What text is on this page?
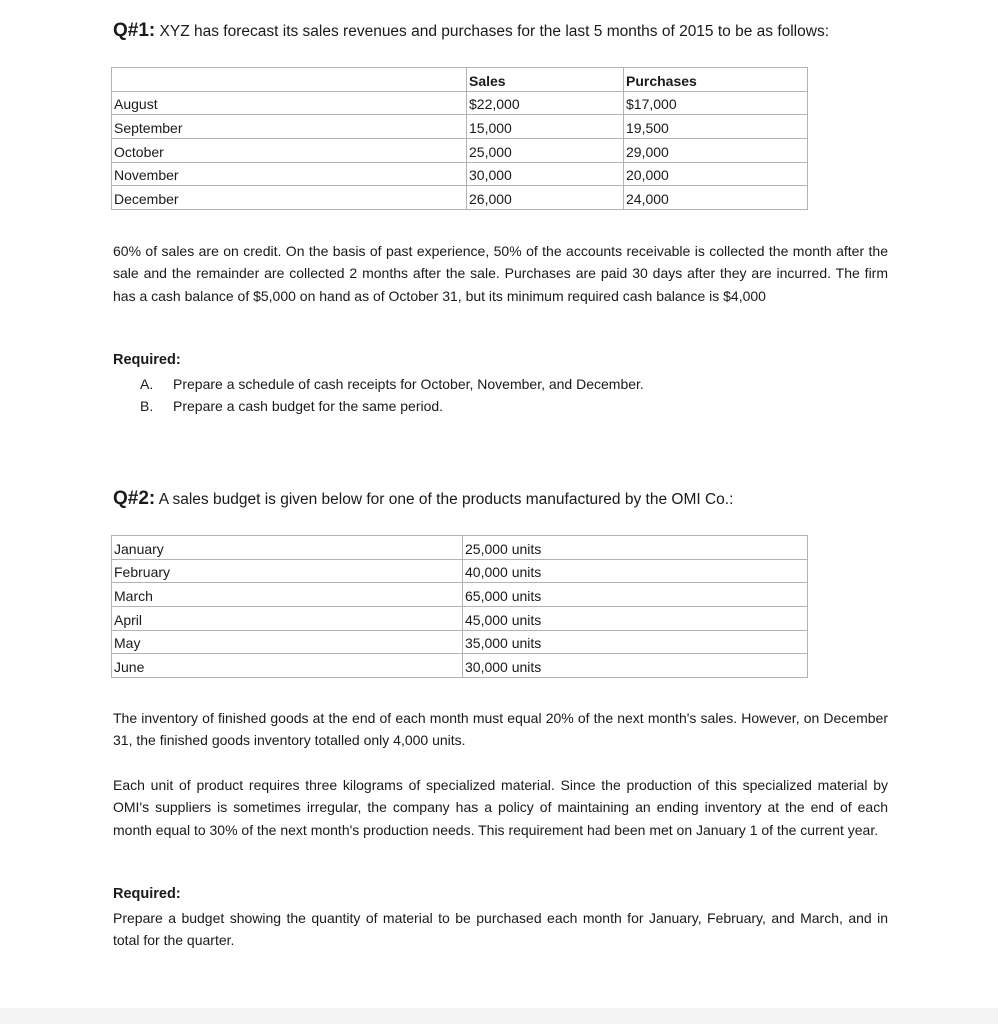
Q#1: XYZ has forecast its sales revenues and purchases for the last 5 months of 2015 to be as follows:
	Sales	Purchases
August	$22,000	$17,000
September	15,000	19,500
October	25,000	29,000
November	30,000	20,000
December	26,000	24,000
60% of sales are on credit. On the basis of past experience, 50% of the accounts receivable is collected the month after the sale and the remainder are collected 2 months after the sale. Purchases are paid 30 days after they are incurred. The firm has a cash balance of $5,000 on hand as of October 31, but its minimum required cash balance is $4,000
Required:
A. Prepare a schedule of cash receipts for October, November, and December.
B. Prepare a cash budget for the same period.
Q#2: A sales budget is given below for one of the products manufactured by the OMI Co.:
January	25,000 units
February	40,000 units
March	65,000 units
April	45,000 units
May	35,000 units
June	30,000 units
The inventory of finished goods at the end of each month must equal 20% of the next month's sales. However, on December 31, the finished goods inventory totalled only 4,000 units.
Each unit of product requires three kilograms of specialized material. Since the production of this specialized material by OMI's suppliers is sometimes irregular, the company has a policy of maintaining an ending inventory at the end of each month equal to 30% of the next month's production needs. This requirement had been met on January 1 of the current year.
Required:
Prepare a budget showing the quantity of material to be purchased each month for January, February, and March, and in total for the quarter.
